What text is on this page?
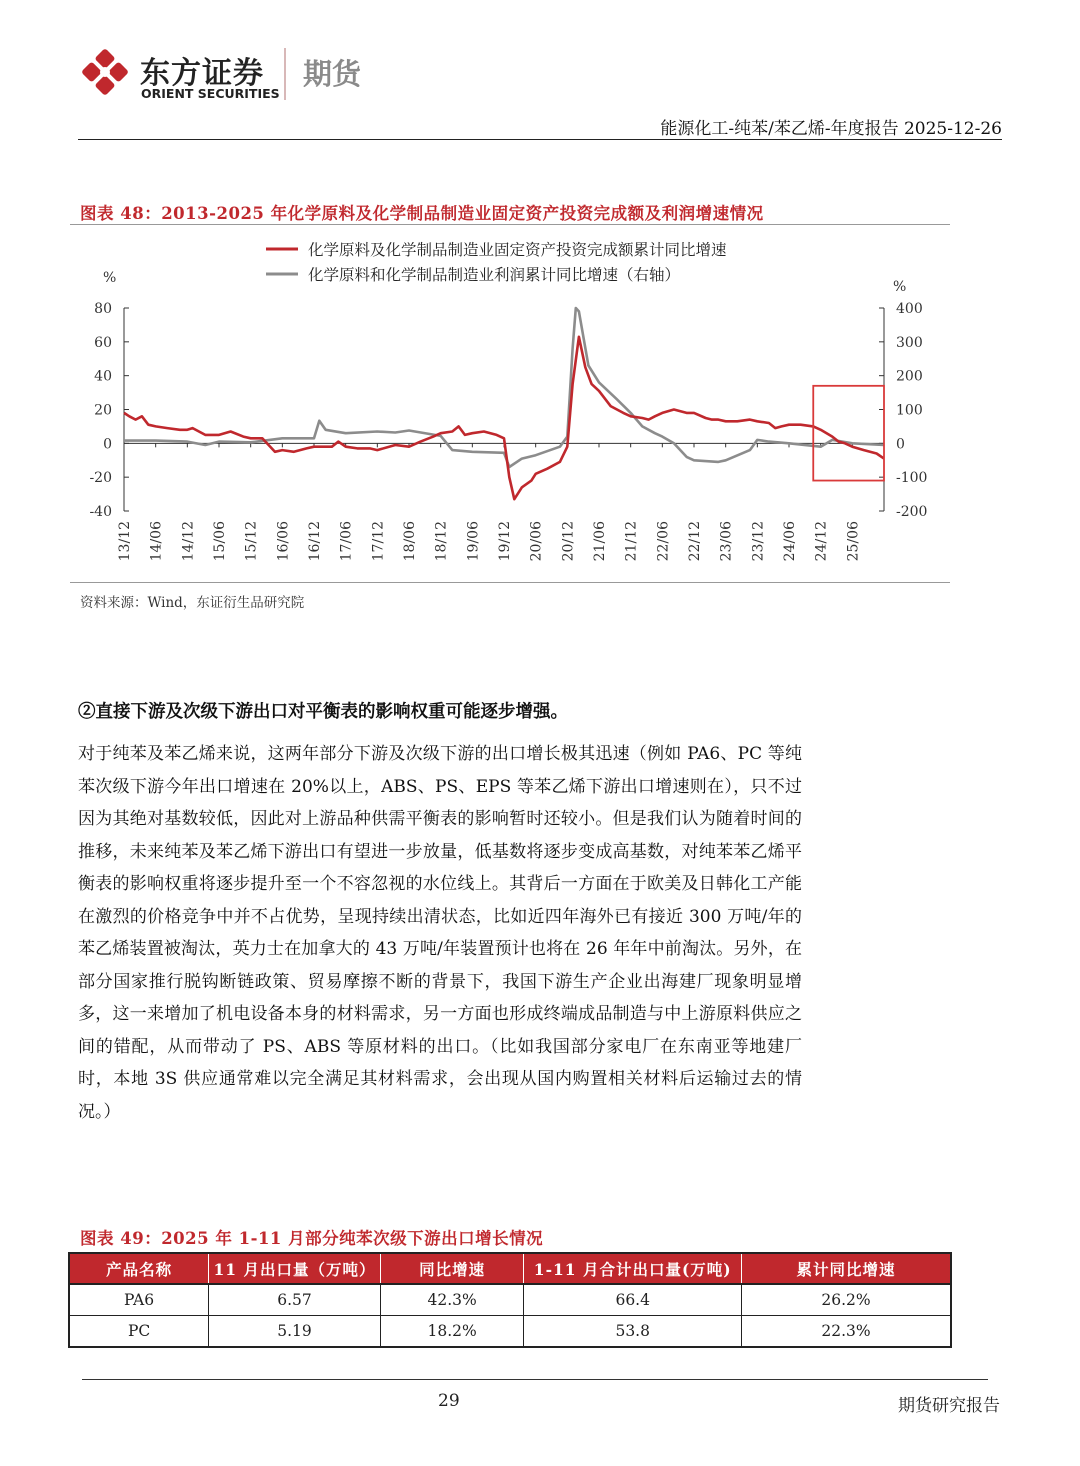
东方证券
ORIENT SECURITIES
期货
能源化工-纯苯/苯乙烯-年度报告 2025-12-26
图表 48：2013-2025 年化学原料及化学制品制造业固定资产投资完成额及利润增速情况
化学原料及化学制品制造业固定资产投资完成额累计同比增速
化学原料和化学制品制造业利润累计同比增速（右轴）
%
%
80
60
40
20
0
-20
-40
400
300
200
100
0
-100
-200
13/12 14/06 14/12 15/06 15/12 16/06 16/12 17/06 17/12 18/06 18/12 19/06 19/12 20/06 20/12 21/06 21/12 22/06 22/12 23/06 23/12 24/06 24/12 25/06
资料来源：Wind，东证衍生品研究院
②直接下游及次级下游出口对平衡表的影响权重可能逐步增强。

对于纯苯及苯乙烯来说，这两年部分下游及次级下游的出口增长极其迅速（例如 PA6、PC 等纯苯次级下游今年出口增速在 20%以上，ABS、PS、EPS 等苯乙烯下游出口增速则在），只不过因为其绝对基数较低，因此对上游品种供需平衡表的影响暂时还较小。但是我们认为随着时间的推移，未来纯苯及苯乙烯下游出口有望进一步放量，低基数将逐步变成高基数，对纯苯苯乙烯平衡表的影响权重将逐步提升至一个不容忽视的水位线上。其背后一方面在于欧美及日韩化工产能在激烈的价格竞争中并不占优势，呈现持续出清状态，比如近四年海外已有接近 300 万吨/年的苯乙烯装置被淘汰，英力士在加拿大的 43 万吨/年装置预计也将在 26 年年中前淘汰。另外，在部分国家推行脱钩断链政策、贸易摩擦不断的背景下，我国下游生产企业出海建厂现象明显增多，这一来增加了机电设备本身的材料需求，另一方面也形成终端成品制造与中上游原料供应之间的错配，从而带动了 PS、ABS 等原材料的出口。（比如我国部分家电厂在东南亚等地建厂时，本地 3S 供应通常难以完全满足其材料需求，会出现从国内购置相关材料后运输过去的情况。）

图表 49：2025 年 1-11 月部分纯苯次级下游出口增长情况
产品名称	11 月出口量（万吨）	同比增速	1-11 月合计出口量(万吨)	累计同比增速
PA6	6.57	42.3%	66.4	26.2%
PC	5.19	18.2%	53.8	22.3%
29	期货研究报告
